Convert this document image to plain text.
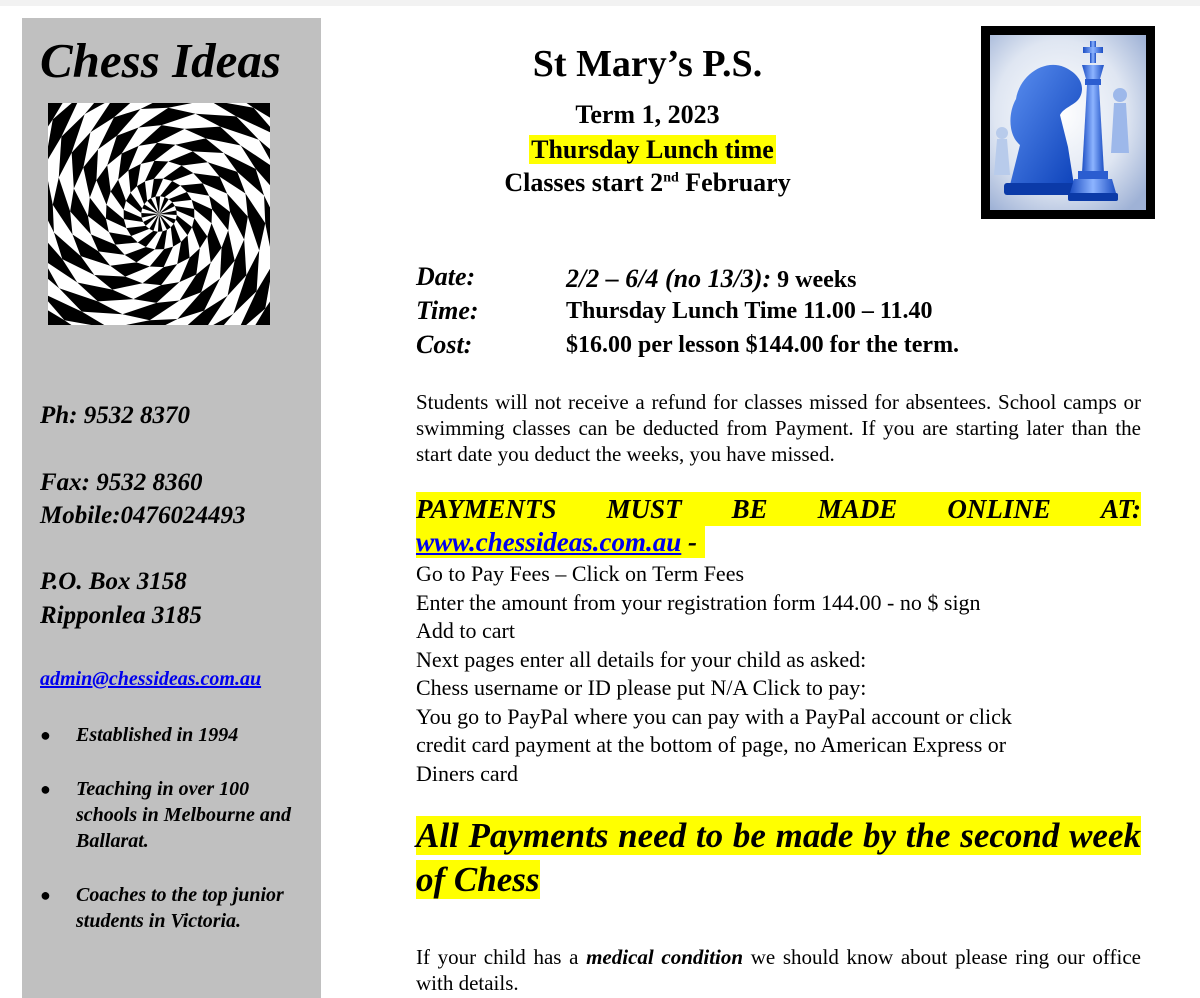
Chess Ideas

Ph: 9532 8370

Fax: 9532 8360

Mobile:0476024493

P.O. Box 3158

Ripponlea 3185

admin@chessideas.com.au
● Established in 1994
● Teaching in over 100 schools in Melbourne and Ballarat.
● Coaches to the top junior students in Victoria.
St Mary’s P.S.

Term 1, 2023

Thursday Lunch time

Classes start 2nd February

Date:	2/2 – 6/4 (no 13/3): 9 weeks
Time:	Thursday Lunch Time 11.00 – 11.40
Cost:	$16.00 per lesson $144.00 for the term.

Students will not receive a refund for classes missed for absentees. School camps or swimming classes can be deducted from Payment. If you are starting later than the start date you deduct the weeks, you have missed.

PAYMENTS MUST BE MADE ONLINE AT:
www.chessideas.com.au -
Go to Pay Fees – Click on Term Fees
Enter the amount from your registration form 144.00 - no $ sign
Add to cart
Next pages enter all details for your child as asked:
Chess username or ID please put N/A Click to pay:
You go to PayPal where you can pay with a PayPal account or click
credit card payment at the bottom of page, no American Express or
Diners card

All Payments need to be made by the second week of Chess

If your child has a medical condition we should know about please ring our office with details.
